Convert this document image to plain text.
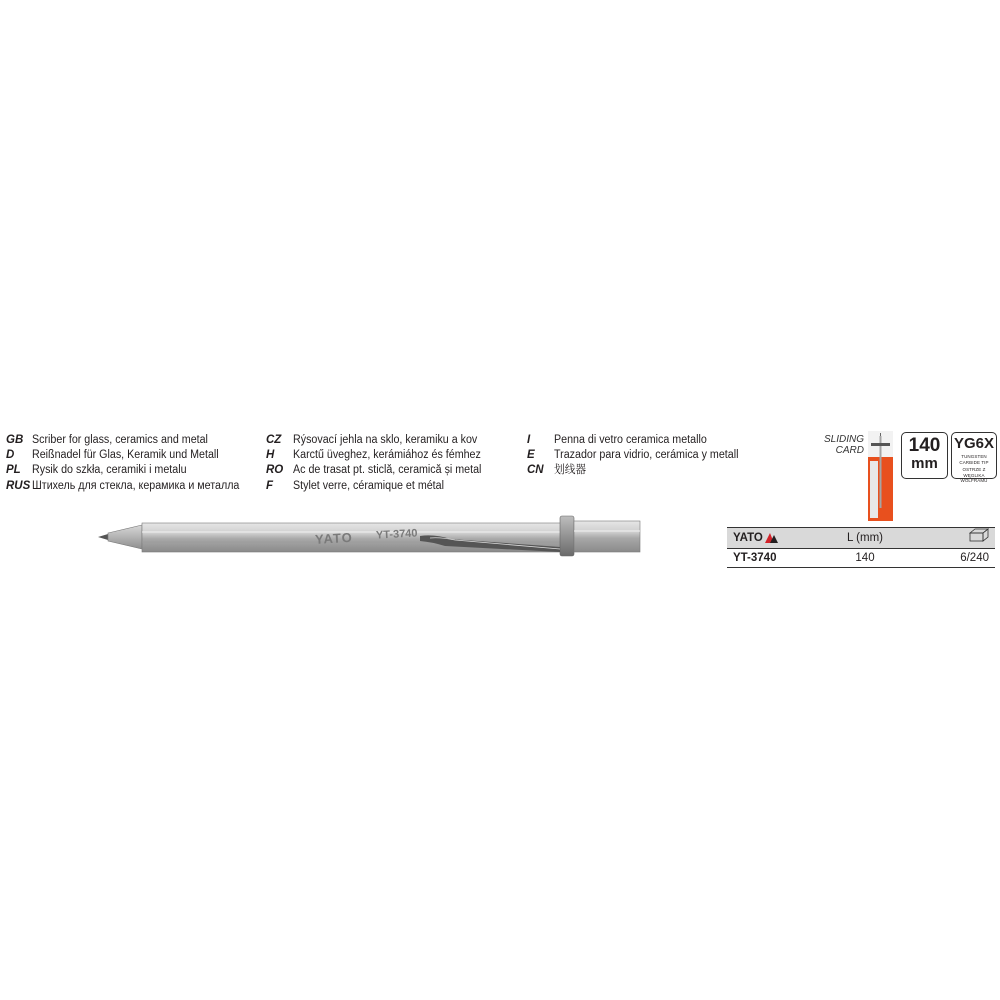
GB Scriber for glass, ceramics and metal
D	Reißnadel für Glas, Keramik und Metall
PL Rysik do szkła, ceramiki i metalu
RUS Штихель для стекла, керамика и металла
CZ	Rýsovací jehla na sklo, keramiku a kov
H	Karctű üveghez, kerámiához és fémhez
RO Ac de trasat pt. sticlă, ceramică și metal
F	Stylet verre, céramique et métal
I	Penna di vetro ceramica metallo
E	Trazador para vidrio, cerámica y metall
CN 划线器
SLIDING
CARD	140
mm
YG6X
TUNGSTEN CARBIDE TIP
OSTRZE Z WĘGLIKA WOLFRAMU
YATO	L (mm)	
YT-3740	140	6/240
YATO YT-3740
